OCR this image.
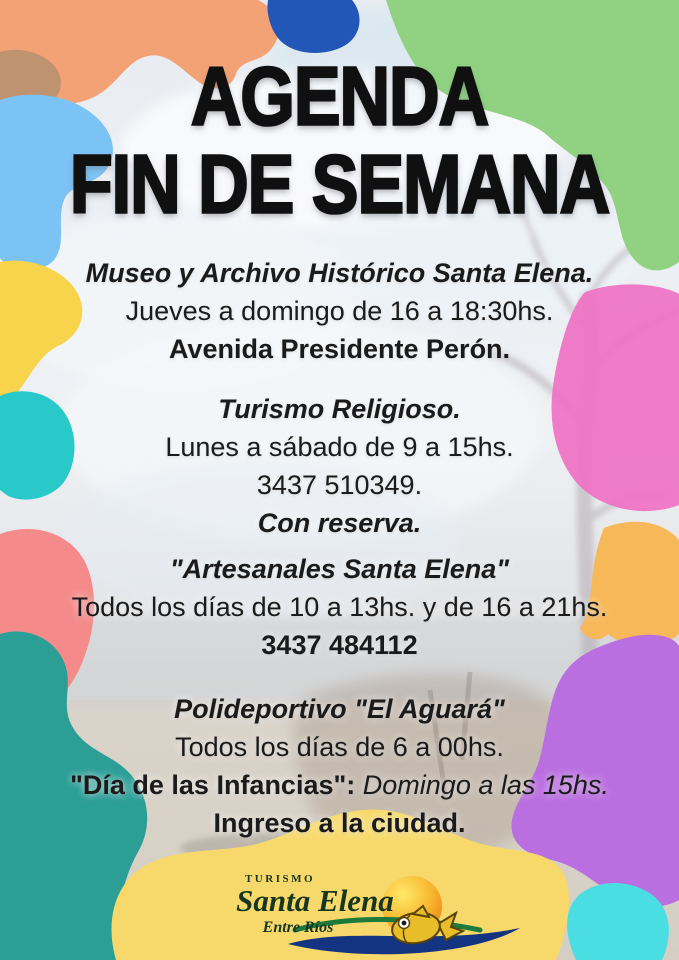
AGENDA
FIN DE SEMANA

Museo y Archivo Histórico Santa Elena.

Jueves a domingo de 16 a 18:30hs.

Avenida Presidente Perón.

Turismo Religioso.

Lunes a sábado de 9 a 15hs.

3437 510349.

Con reserva.

"Artesanales Santa Elena"

Todos los días de 10 a 13hs. y de 16 a 21hs.

3437 484112

Polideportivo "El Aguará"

Todos los días de 6 a 00hs.

"Día de las Infancias": Domingo a las 15hs.

Ingreso a la ciudad.

TURISMO
Santa Elena
Entre Ríos
